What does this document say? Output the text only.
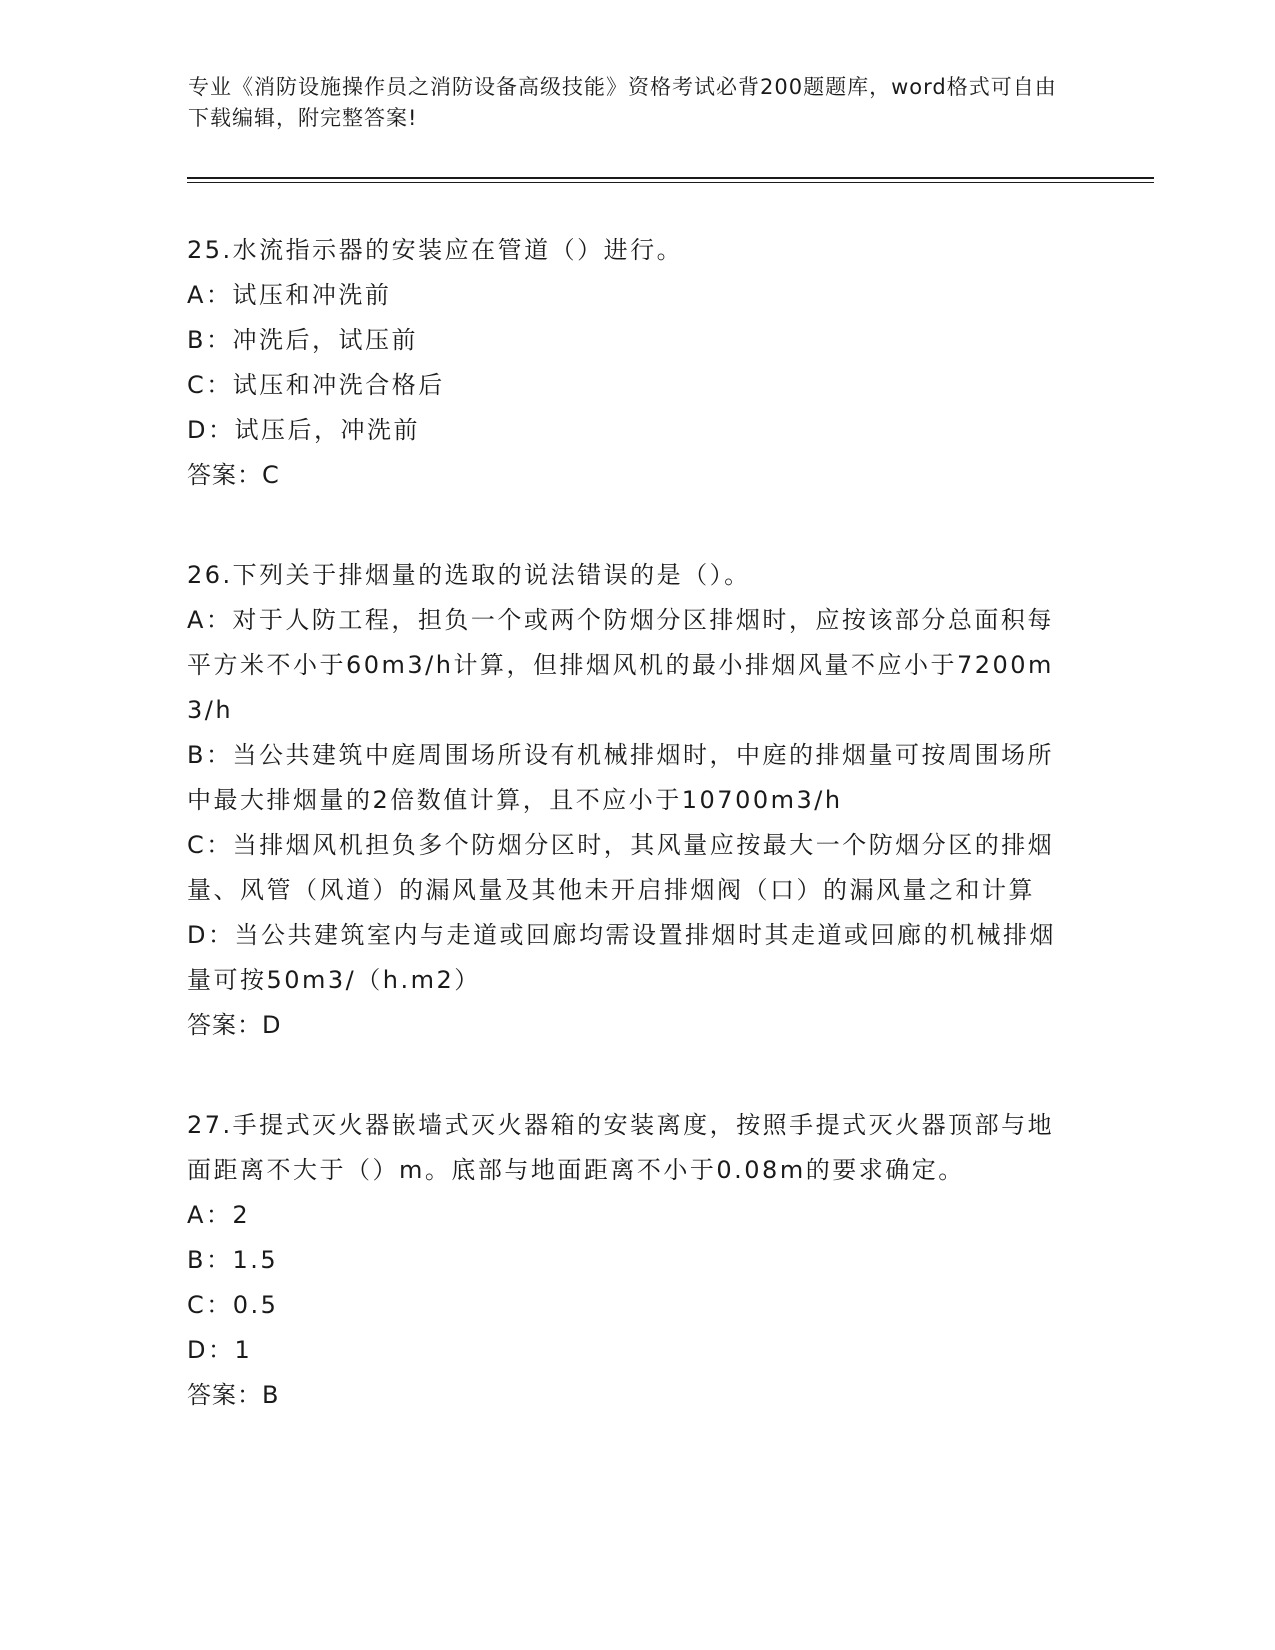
专业《消防设施操作员之消防设备高级技能》资格考试必背200题题库，word格式可自由下载编辑，附完整答案!
25.水流指示器的安装应在管道（）进行。
A：试压和冲洗前
B：冲洗后，试压前
C：试压和冲洗合格后
D：试压后，冲洗前
答案：C
26.下列关于排烟量的选取的说法错误的是（）。
A：对于人防工程，担负一个或两个防烟分区排烟时，应按该部分总面积每平方米不小于60m3/h计算，但排烟风机的最小排烟风量不应小于7200m3/h
B：当公共建筑中庭周围场所设有机械排烟时，中庭的排烟量可按周围场所中最大排烟量的2倍数值计算，且不应小于10700m3/h
C：当排烟风机担负多个防烟分区时，其风量应按最大一个防烟分区的排烟量、风管（风道）的漏风量及其他未开启排烟阀（口）的漏风量之和计算
D：当公共建筑室内与走道或回廊均需设置排烟时其走道或回廊的机械排烟量可按50m3/（h.m2）
答案：D
27.手提式灭火器嵌墙式灭火器箱的安装离度，按照手提式灭火器顶部与地面距离不大于（）m。底部与地面距离不小于0.08m的要求确定。
A：2
B：1.5
C：0.5
D：1
答案：B
